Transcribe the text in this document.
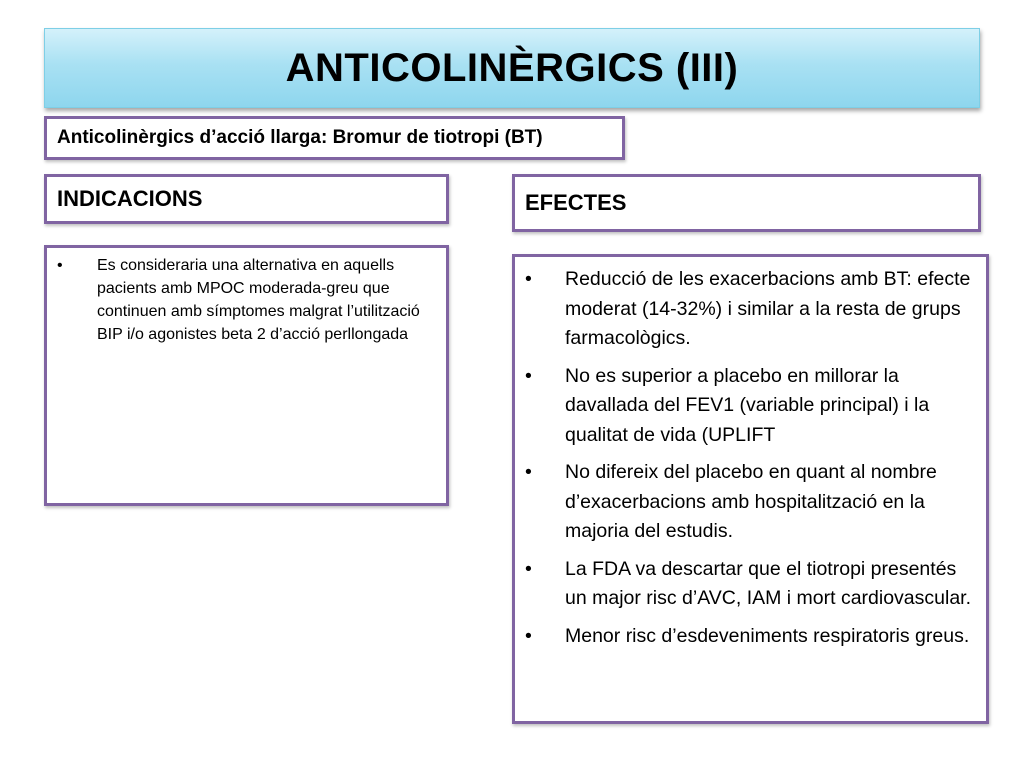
ANTICOLINÈRGICS (III)
Anticolinèrgics d’acció llarga: Bromur de tiotropi (BT)
INDICACIONS	EFECTES
• Es consideraria una alternativa en aquells pacients amb MPOC moderada-greu que continuen amb símptomes malgrat l’utilització BIP i/o agonistes beta 2 d’acció perllongada
• Reducció de les exacerbacions amb BT: efecte moderat (14-32%) i similar a la resta de grups farmacològics.
• No es superior a placebo en millorar la davallada del FEV1 (variable principal) i la qualitat de vida (UPLIFT
• No difereix del placebo en quant al nombre d’exacerbacions amb hospitalització en la majoria del estudis.
• La FDA va descartar que el tiotropi presentés un major risc d’AVC, IAM i mort cardiovascular.
• Menor risc d’esdeveniments respiratoris greus.
